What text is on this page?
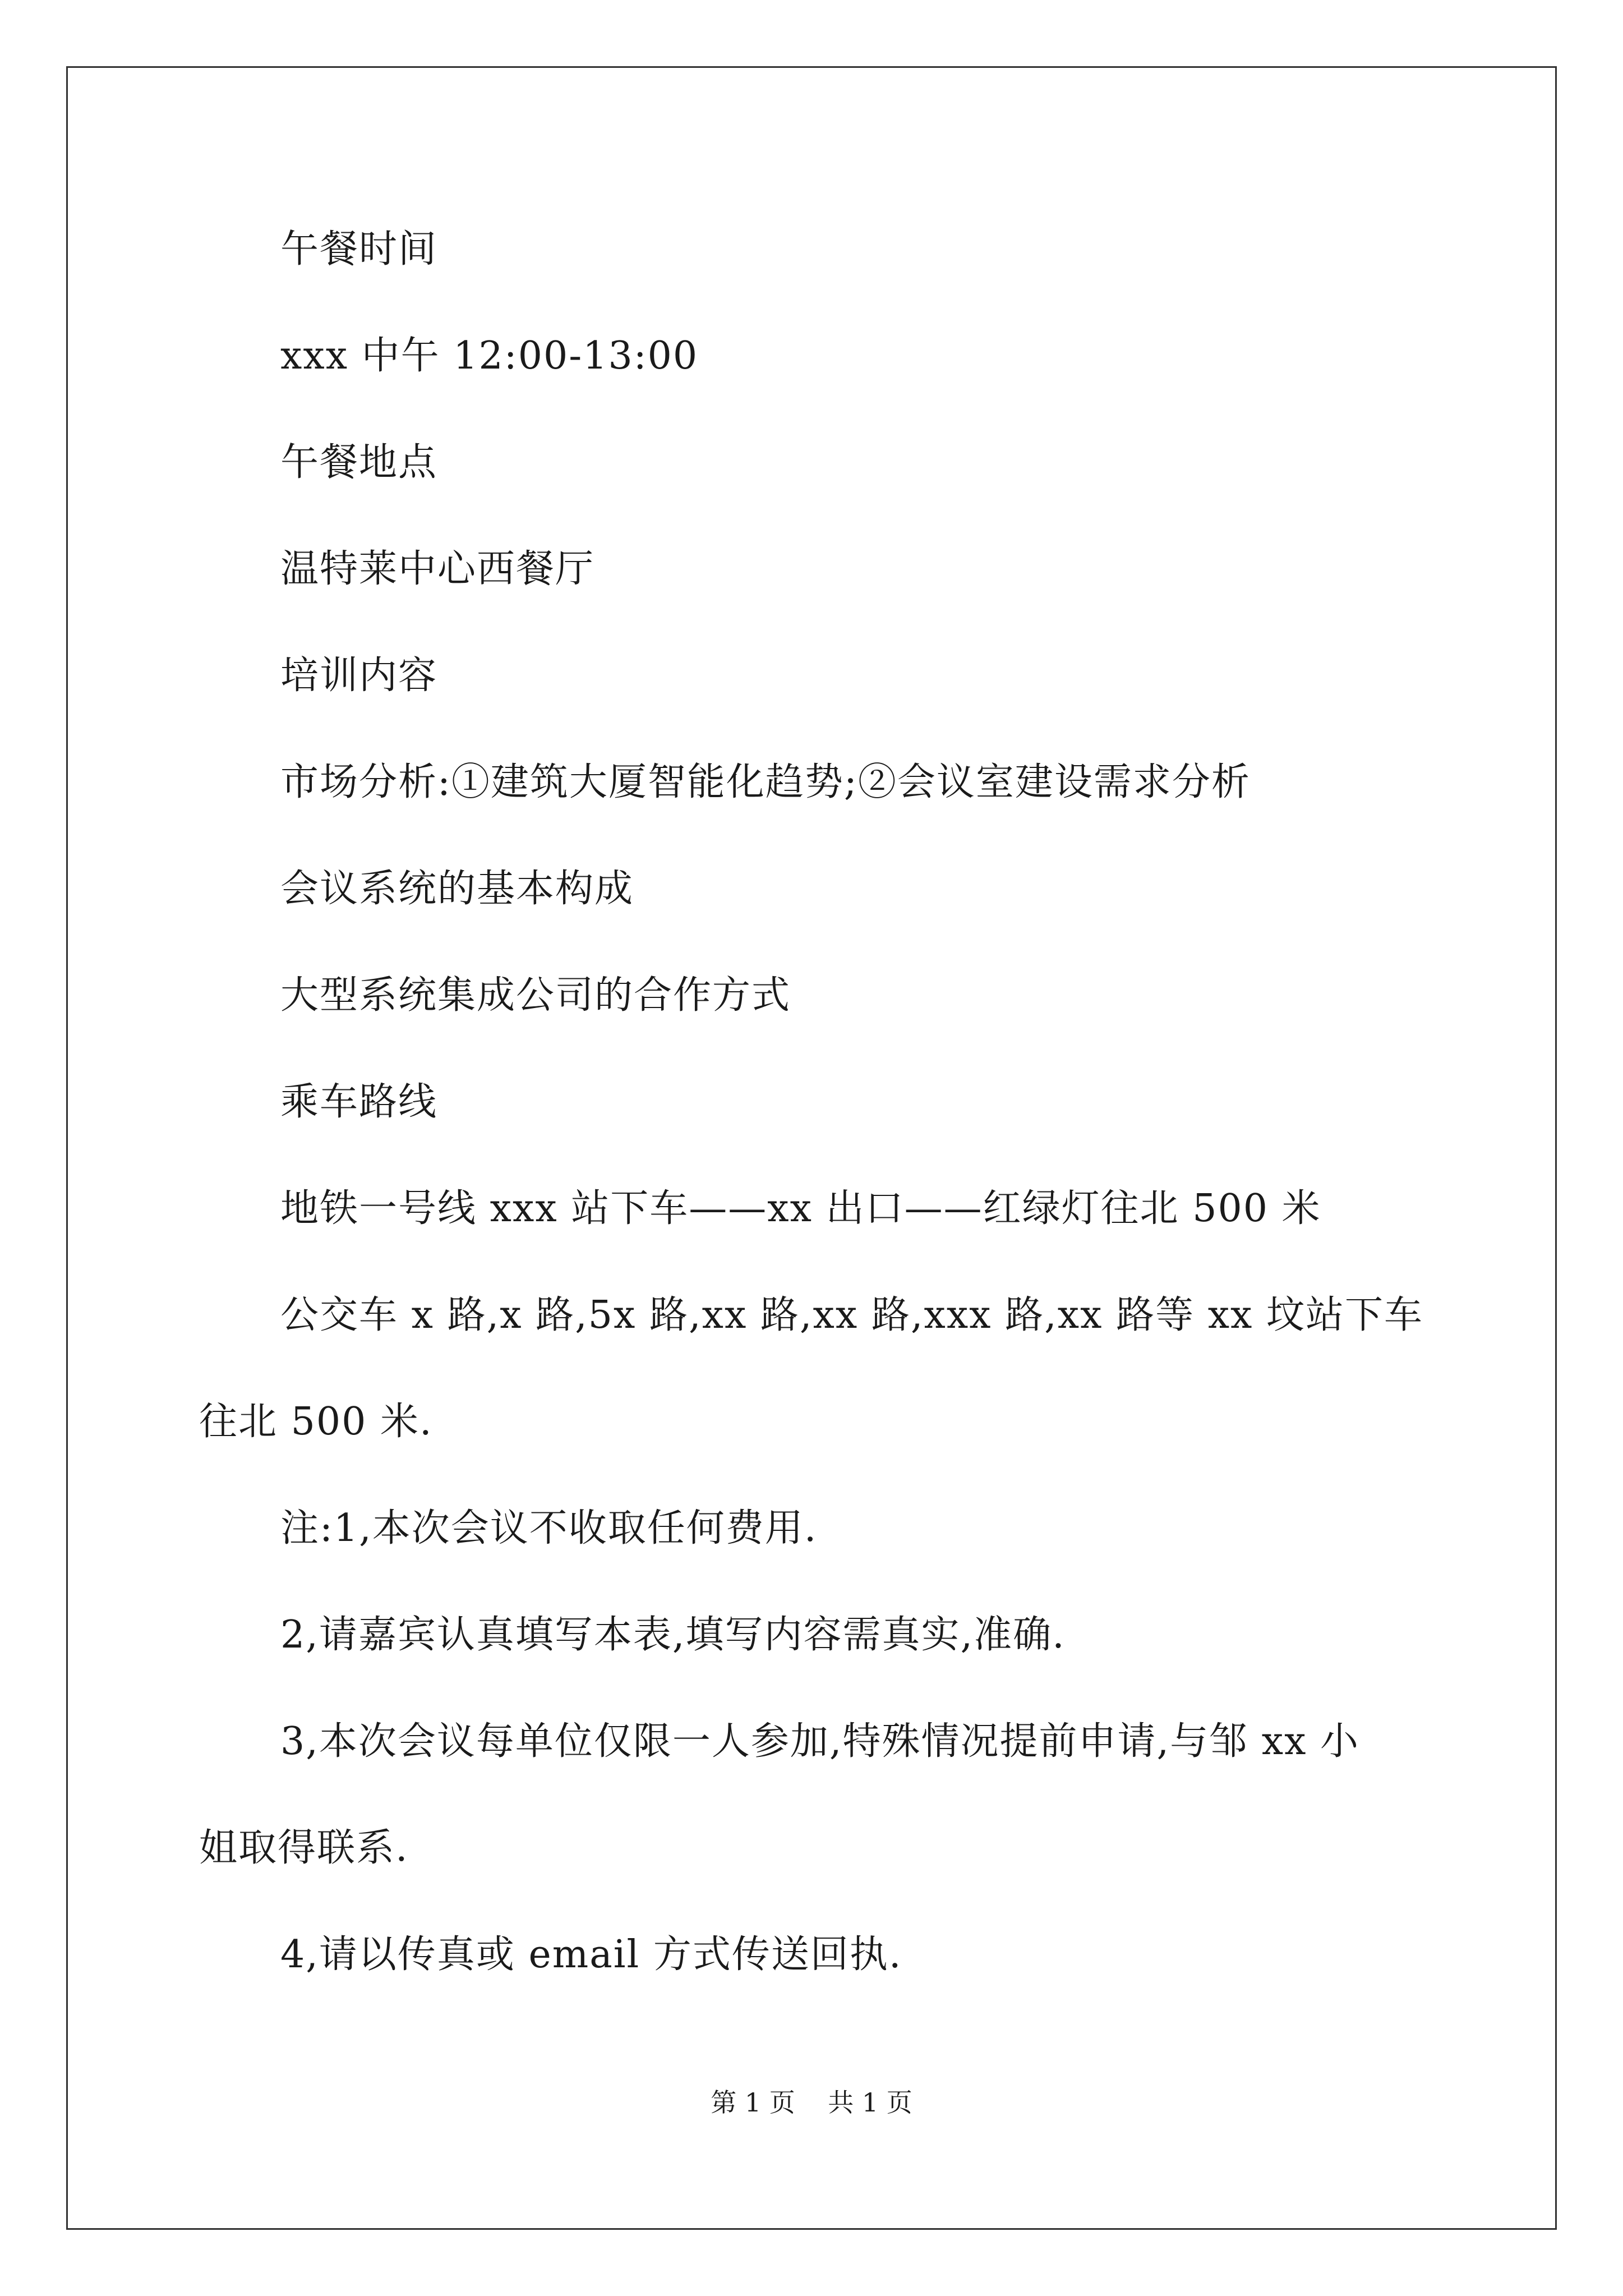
午餐时间
xxx 中午 12:00-13:00
午餐地点
温特莱中心西餐厅
培训内容
市场分析:①建筑大厦智能化趋势;②会议室建设需求分析
会议系统的基本构成
大型系统集成公司的合作方式
乘车路线
地铁一号线 xxx 站下车——xx 出口——红绿灯往北 500 米
公交车 x 路,x 路,5x 路,xx 路,xx 路,xxx 路,xx 路等 xx 坟站下车
往北 500 米.
注:1,本次会议不收取任何费用.
2,请嘉宾认真填写本表,填写内容需真实,准确.
3,本次会议每单位仅限一人参加,特殊情况提前申请,与邹 xx 小
姐取得联系.
4,请以传真或 email 方式传送回执.
第 1 页    共 1 页
